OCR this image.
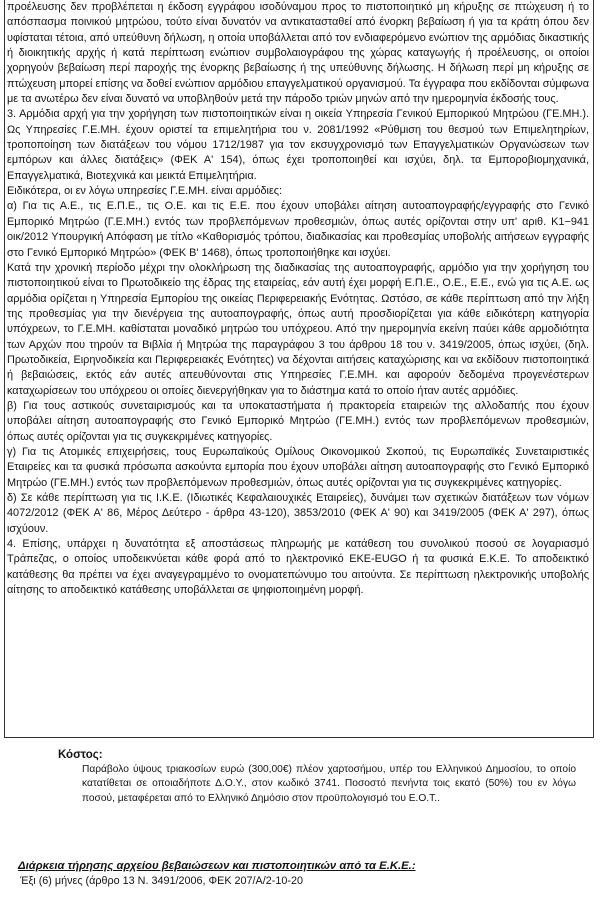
προέλευσης δεν προβλέπεται η έκδοση εγγράφου ισοδύναμου προς το πιστοποιητικό μη κήρυξης σε πτώχευση ή το απόσπασμα ποινικού μητρώου, τούτο είναι δυνατόν να αντικατασταθεί από ένορκη βεβαίωση ή για τα κράτη όπου δεν υφίσταται τέτοια, από υπεύθυνη δήλωση, η οποία υποβάλλεται από τον ενδιαφερόμενο ενώπιον της αρμόδιας δικαστικής ή διοικητικής αρχής ή κατά περίπτωση ενώπιον συμβολαιογράφου της χώρας καταγωγής ή προέλευσης, οι οποίοι χορηγούν βεβαίωση περί παροχής της ένορκης βεβαίωσης ή της υπεύθυνης δήλωσης. Η δήλωση περί μη κήρυξης σε πτώχευση μπορεί επίσης να δοθεί ενώπιον αρμόδιου επαγγελματικού οργανισμού. Τα έγγραφα που εκδίδονται σύμφωνα με τα ανωτέρω δεν είναι δυνατό να υποβληθούν μετά την πάροδο τριών μηνών από την ημερομηνία έκδοσής τους.

3. Αρμόδια αρχή για την χορήγηση των πιστοποιητικών είναι η οικεία Υπηρεσία Γενικού Εμπορικού Μητρώου (ΓΕ.ΜΗ.). Ως Υπηρεσίες Γ.Ε.ΜΗ. έχουν οριστεί τα επιμελητήρια του ν. 2081/1992 «Ρύθμιση του θεσμού των Επιμελητηρίων, τροποποίηση των διατάξεων του νόμου 1712/1987 για τον εκσυγχρονισμό των Επαγγελματικών Οργανώσεων των εμπόρων και άλλες διατάξεις» (ΦΕΚ Α' 154), όπως έχει τροποποιηθεί και ισχύει, δηλ. τα Εμποροβιομηχανικά, Επαγγελματικά, Βιοτεχνικά και μεικτά Επιμελητήρια.

Ειδικότερα, οι εν λόγω υπηρεσίες Γ.Ε.ΜΗ. είναι αρμόδιες:

α) Για τις Α.Ε., τις Ε.Π.Ε., τις Ο.Ε. και τις Ε.Ε. που έχουν υποβάλει αίτηση αυτοαπογραφής/εγγραφής στο Γενικό Εμπορικό Μητρώο (Γ.Ε.ΜΗ.) εντός των προβλεπόμενων προθεσμιών, όπως αυτές ορίζονται στην υπ' αριθ. Κ1−941 οικ/2012 Υπουργική Απόφαση με τίτλο «Καθορισμός τρόπου, διαδικασίας και προθεσμίας υποβολής αιτήσεων εγγραφής στο Γενικό Εμπορικό Μητρώο» (ΦΕΚ Β' 1468), όπως τροποποιήθηκε και ισχύει.

Κατά την χρονική περίοδο μέχρι την ολοκλήρωση της διαδικασίας της αυτοαπογραφής, αρμόδιο για την χορήγηση του πιστοποιητικού είναι το Πρωτοδικείο της έδρας της εταιρείας, εάν αυτή έχει μορφή Ε.Π.Ε., Ο.Ε., Ε.Ε., ενώ για τις Α.Ε. ως αρμόδια ορίζεται η Υπηρεσία Εμπορίου της οικείας Περιφερειακής Ενότητας. Ωστόσο, σε κάθε περίπτωση από την λήξη της προθεσμίας για την διενέργεια της αυτοαπογραφής, όπως αυτή προσδιορίζεται για κάθε ειδικότερη κατηγορία υπόχρεων, το Γ.Ε.ΜΗ. καθίσταται μοναδικό μητρώο του υπόχρεου. Από την ημερομηνία εκείνη παύει κάθε αρμοδιότητα των Αρχών που τηρούν τα Βιβλία ή Μητρώα της παραγράφου 3 του άρθρου 18 του ν. 3419/2005, όπως ισχύει, (δηλ. Πρωτοδικεία, Ειρηνοδικεία και Περιφερειακές Ενότητες) να δέχονται αιτήσεις καταχώρισης και να εκδίδουν πιστοποιητικά ή βεβαιώσεις, εκτός εάν αυτές απευθύνονται στις Υπηρεσίες Γ.Ε.ΜΗ. και αφορούν δεδομένα προγενέστερων καταχωρίσεων του υπόχρεου οι οποίες διενεργήθηκαν για το διάστημα κατά το οποίο ήταν αυτές αρμόδιες.

β) Για τους αστικούς συνεταιρισμούς και τα υποκαταστήματα ή πρακτορεία εταιρειών της αλλοδαπής που έχουν υποβάλει αίτηση αυτοαπογραφής στο Γενικό Εμπορικό Μητρώο (ΓΕ.ΜΗ.) εντός των προβλεπόμενων προθεσμιών, όπως αυτές ορίζονται για τις συγκεκριμένες κατηγορίες.

γ) Για τις Ατομικές επιχειρήσεις, τους Ευρωπαϊκούς Ομίλους Οικονομικού Σκοπού, τις Ευρωπαϊκές Συνεταιριστικές Εταιρείες και τα φυσικά πρόσωπα ασκούντα εμπορία που έχουν υποβάλει αίτηση αυτοαπογραφής στο Γενικό Εμπορικό Μητρώο (ΓΕ.ΜΗ.) εντός των προβλεπόμενων προθεσμιών, όπως αυτές ορίζονται για τις συγκεκριμένες κατηγορίες.

δ) Σε κάθε περίπτωση για τις Ι.Κ.Ε. (Ιδιωτικές Κεφαλαιουχικές Εταιρείες), δυνάμει των σχετικών διατάξεων των νόμων 4072/2012 (ΦΕΚ Α' 86, Μέρος Δεύτερο - άρθρα 43-120), 3853/2010 (ΦΕΚ Α' 90) και 3419/2005 (ΦΕΚ Α' 297), όπως ισχύουν.

4. Επίσης, υπάρχει η δυνατότητα εξ αποστάσεως πληρωμής με κατάθεση του συνολικού ποσού σε λογαριασμό Τράπεζας, ο οποίος υποδεικνύεται κάθε φορά από το ηλεκτρονικό ΕΚΕ-EUGO ή τα φυσικά Ε.Κ.Ε. Το αποδεικτικό κατάθεσης θα πρέπει να έχει αναγεγραμμένο το ονοματεπώνυμο του αιτούντα. Σε περίπτωση ηλεκτρονικής υποβολής αίτησης το αποδεικτικό κατάθεσης υποβάλλεται σε ψηφιοποιημένη μορφή.

Κόστος:

Παράβολο ύψους τριακοσίων ευρώ (300,00€) πλέον χαρτοσήμου, υπέρ του Ελληνικού Δημοσίου, το οποίο κατατίθεται σε οποιαδήποτε Δ.Ο.Υ., στον κωδικό 3741. Ποσοστό πενήντα τοις εκατό (50%) του εν λόγω ποσού, μεταφέρεται από το Ελληνικό Δημόσιο στον προϋπολογισμό του Ε.Ο.Τ..

Διάρκεια τήρησης αρχείου βεβαιώσεων και πιστοποιητικών από τα Ε.Κ.Ε.:

Έξι (6) μήνες (άρθρο 13 Ν. 3491/2006, ΦΕΚ 207/Α/2-10-20
